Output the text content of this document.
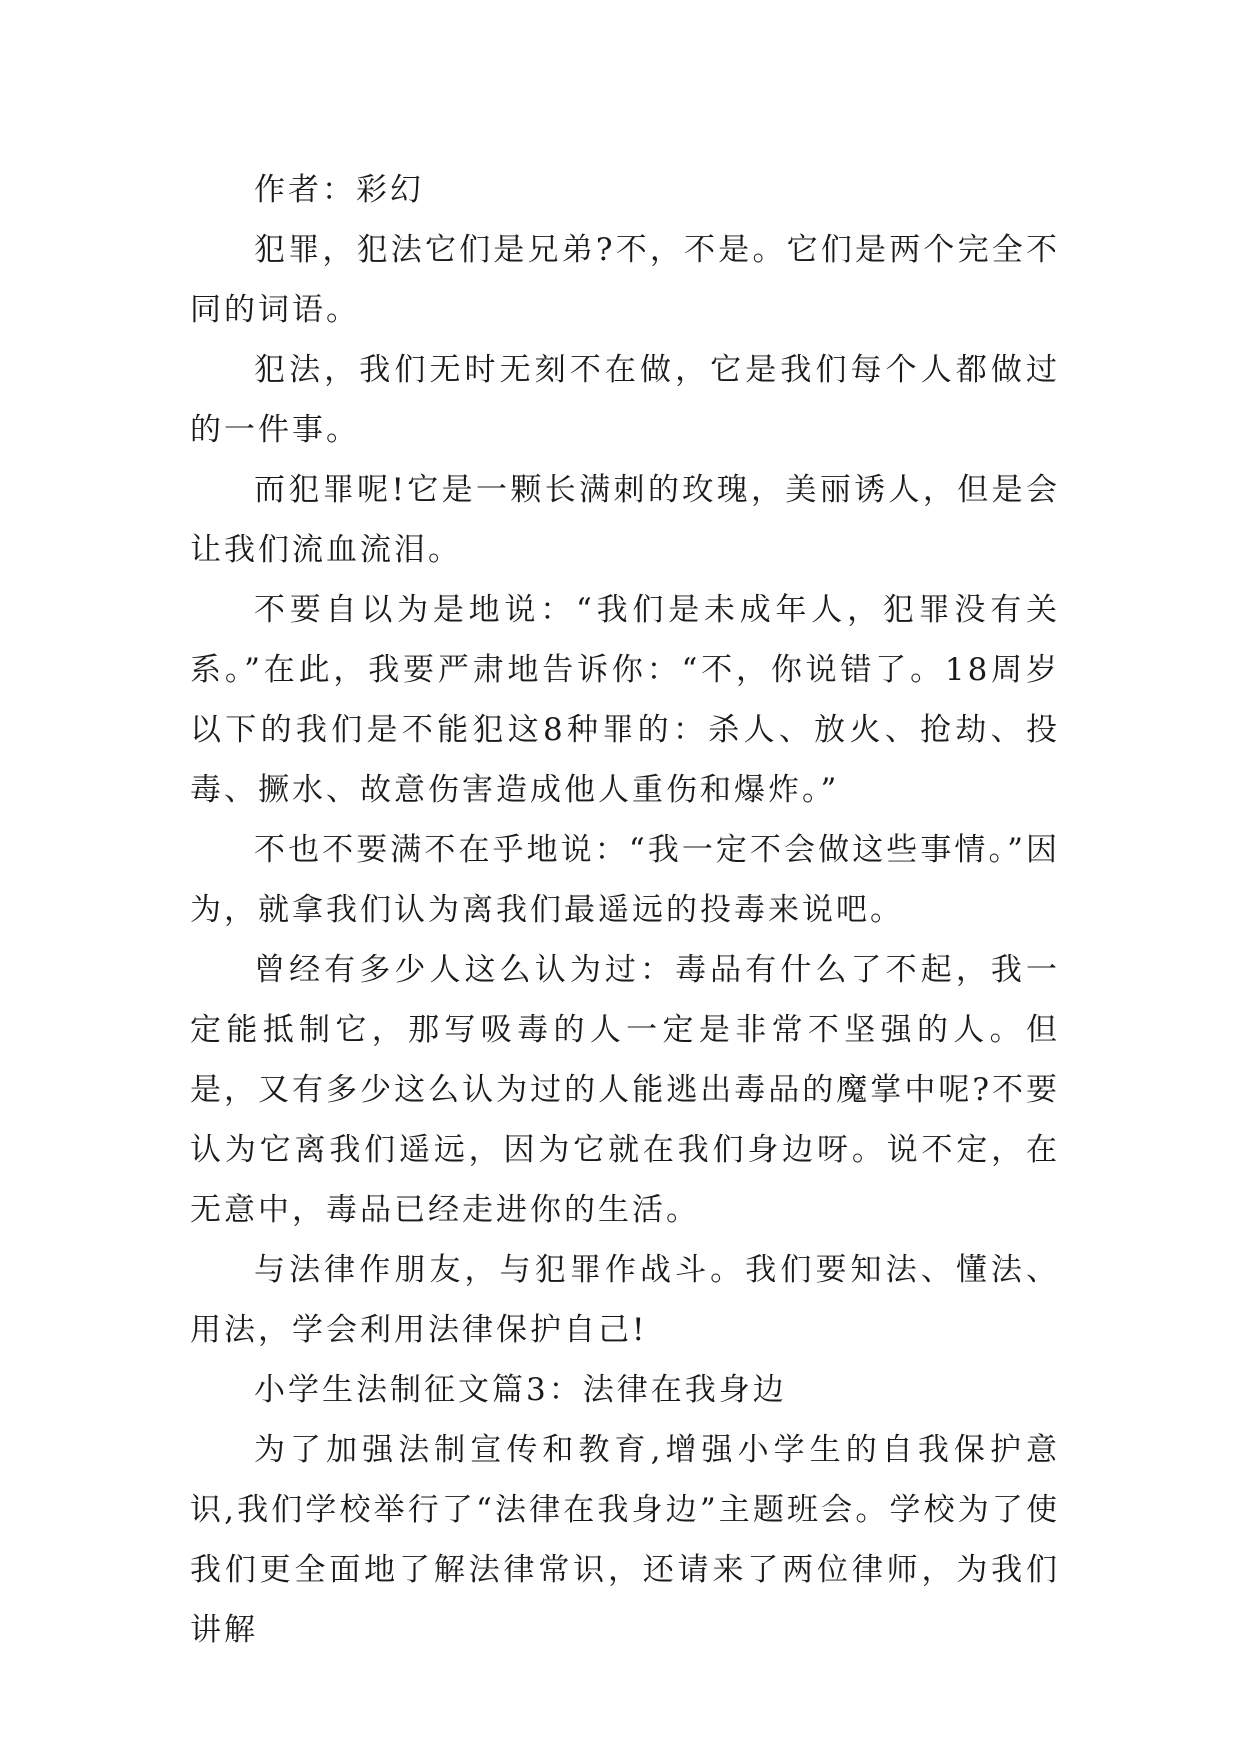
作者：彩幻

犯罪，犯法它们是兄弟?不，不是。它们是两个完全不同的词语。

犯法，我们无时无刻不在做，它是我们每个人都做过的一件事。

而犯罪呢!它是一颗长满刺的玫瑰，美丽诱人，但是会让我们流血流泪。

不要自以为是地说：“我们是未成年人，犯罪没有关系。”在此，我要严肃地告诉你：“不，你说错了。18周岁以下的我们是不能犯这8种罪的：杀人、放火、抢劫、投毒、撅水、故意伤害造成他人重伤和爆炸。”

不也不要满不在乎地说：“我一定不会做这些事情。”因为，就拿我们认为离我们最遥远的投毒来说吧。

曾经有多少人这么认为过：毒品有什么了不起，我一定能抵制它，那写吸毒的人一定是非常不坚强的人。但是，又有多少这么认为过的人能逃出毒品的魔掌中呢?不要认为它离我们遥远，因为它就在我们身边呀。说不定，在无意中，毒品已经走进你的生活。

与法律作朋友，与犯罪作战斗。我们要知法、懂法、用法，学会利用法律保护自己!

小学生法制征文篇3：法律在我身边

为了加强法制宣传和教育,增强小学生的自我保护意识,我们学校举行了“法律在我身边”主题班会。学校为了使我们更全面地了解法律常识，还请来了两位律师，为我们讲解
